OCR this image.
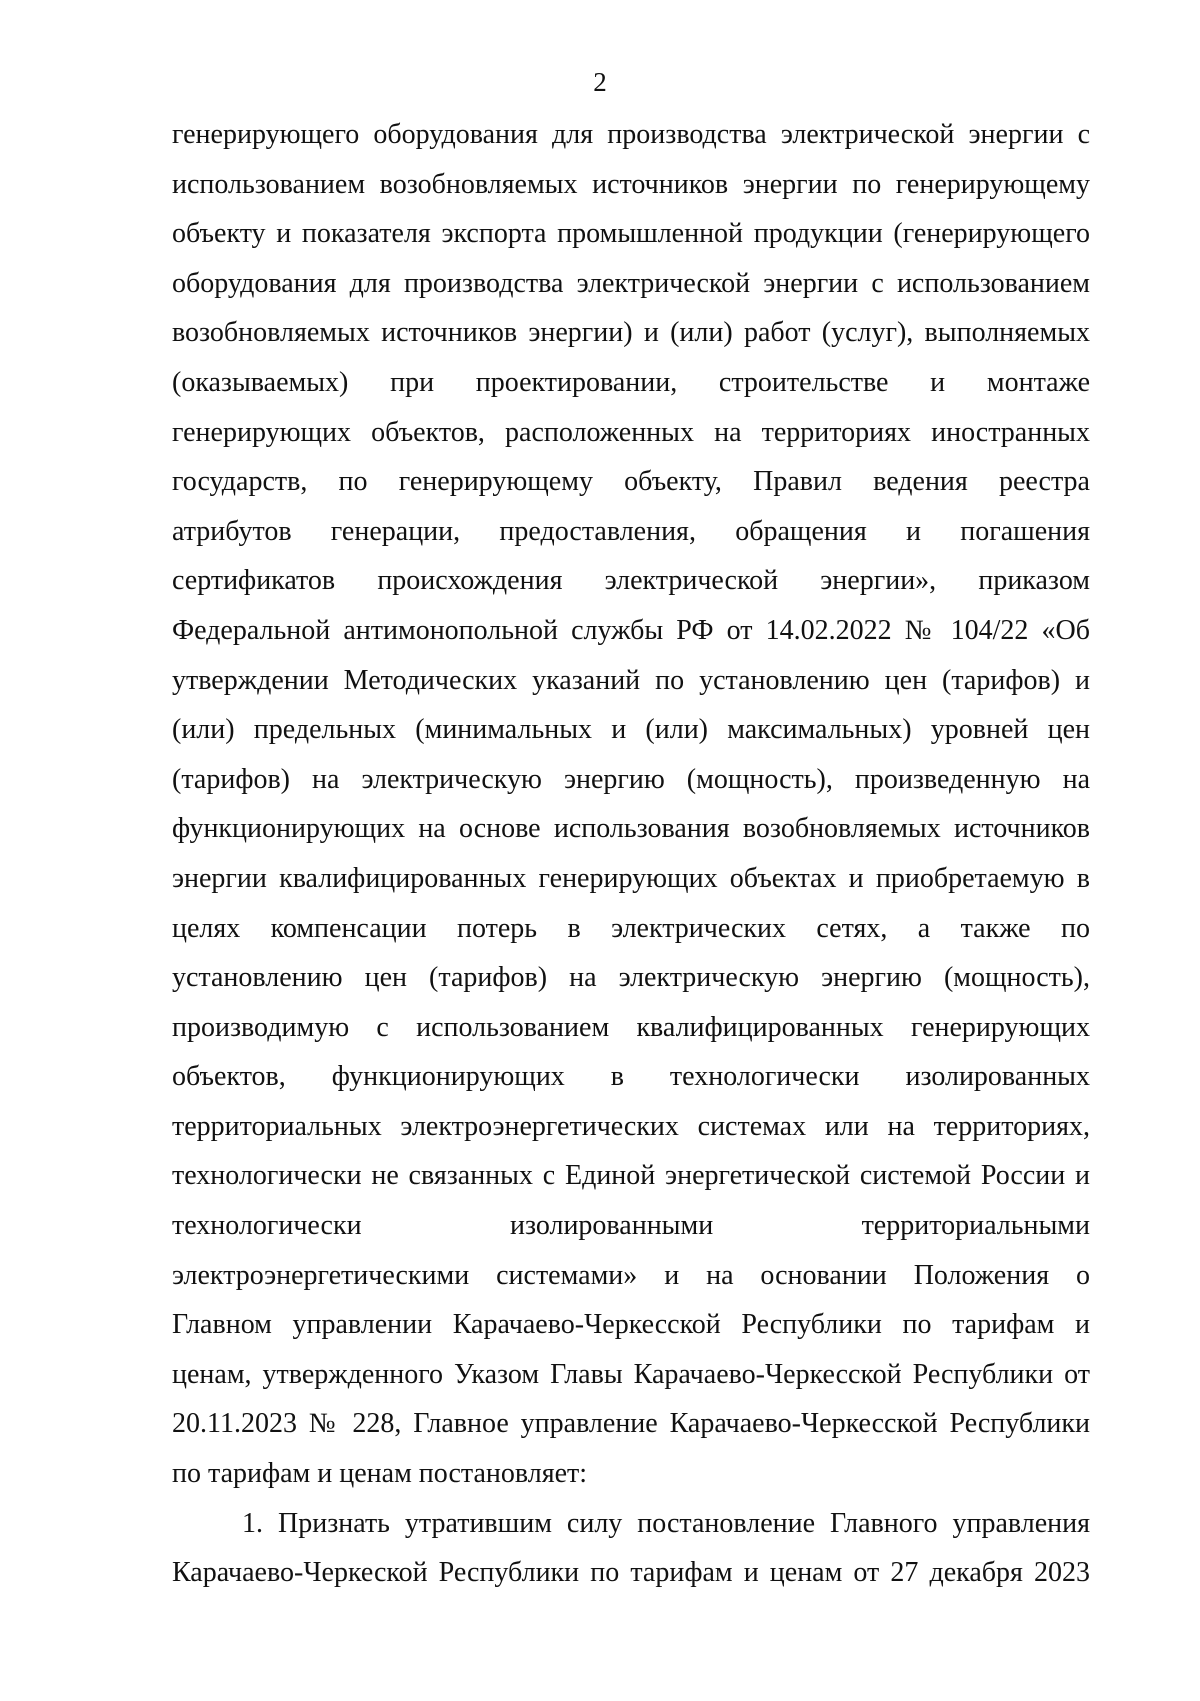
2
генерирующего оборудования для производства электрической энергии с
использованием возобновляемых источников энергии по генерирующему
объекту и показателя экспорта промышленной продукции (генерирующего
оборудования для производства электрической энергии с использованием
возобновляемых источников энергии) и (или) работ (услуг), выполняемых
(оказываемых) при проектировании, строительстве и монтаже
генерирующих объектов, расположенных на территориях иностранных
государств, по генерирующему объекту, Правил ведения реестра
атрибутов генерации, предоставления, обращения и погашения
сертификатов происхождения электрической энергии», приказом
Федеральной антимонопольной службы РФ от 14.02.2022 № 104/22 «Об
утверждении Методических указаний по установлению цен (тарифов) и
(или) предельных (минимальных и (или) максимальных) уровней цен
(тарифов) на электрическую энергию (мощность), произведенную на
функционирующих на основе использования возобновляемых источников
энергии квалифицированных генерирующих объектах и приобретаемую в
целях компенсации потерь в электрических сетях, а также по
установлению цен (тарифов) на электрическую энергию (мощность),
производимую с использованием квалифицированных генерирующих
объектов, функционирующих в технологически изолированных
территориальных электроэнергетических системах или на территориях,
технологически не связанных с Единой энергетической системой России и
технологически изолированными территориальными
электроэнергетическими системами» и на основании Положения о
Главном управлении Карачаево-Черкесской Республики по тарифам и
ценам, утвержденного Указом Главы Карачаево-Черкесской Республики от
20.11.2023 № 228, Главное управление Карачаево-Черкесской Республики
по тарифам и ценам постановляет:
1. Признать утратившим силу постановление Главного управления
Карачаево-Черкеской Республики по тарифам и ценам от 27 декабря 2023
